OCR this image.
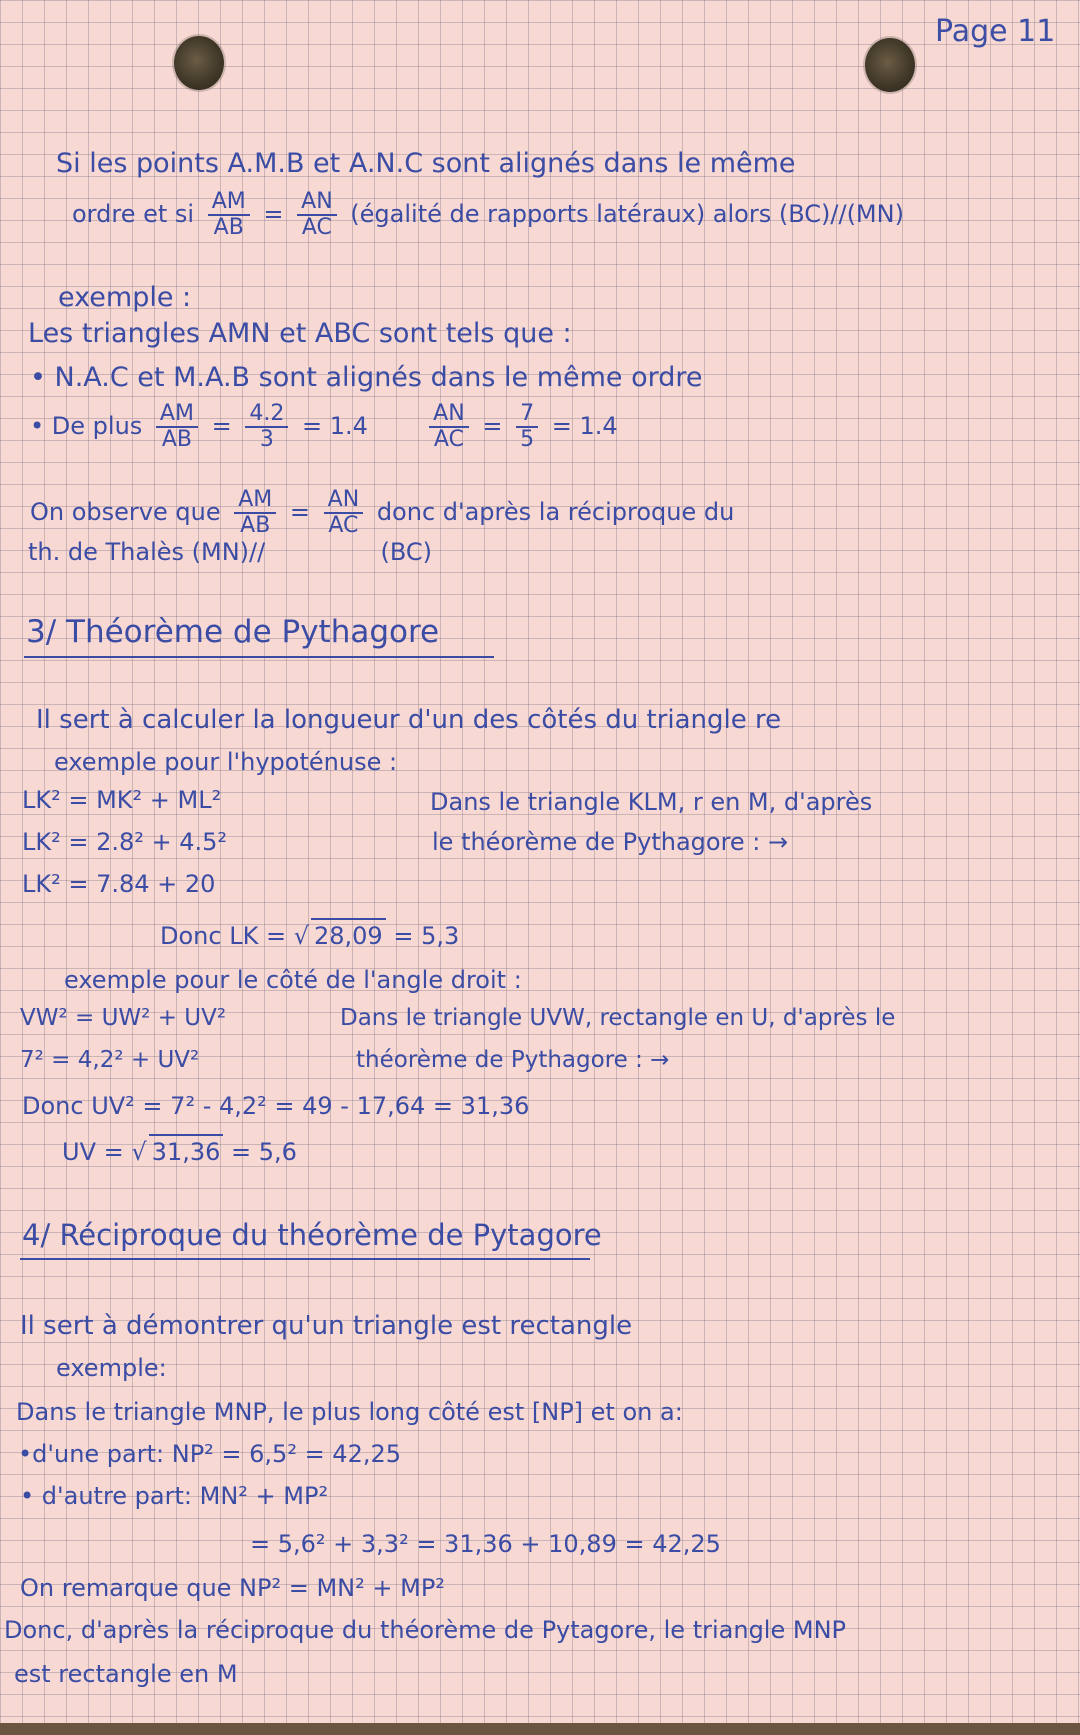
Page 11
Si les points A.M.B et A.N.C sont alignés dans le même
ordre et si $\frac{AM}{AB} = \frac{AN}{AC}$ (égalité de rapports latéraux) alors (BC)//(MN)
exemple :
Les triangles AMN et ABC sont tels que :
• N.A.C et M.A.B sont alignés dans le même ordre
• De plus $\frac{AM}{AB} = \frac{4.2}{3} = 1.4$	$\frac{AN}{AC} = \frac{7}{5} = 1.4$
On observe que $\frac{AM}{AB} = \frac{AN}{AC}$ donc d'après la réciproque du
th. de Thalès (MN)//	(BC)
3/ Théorème de Pythagore
Il sert à calculer la longueur d'un des côtés du triangle re
exemple pour l'hypoténuse :
LK² = MK² + ML²
LK² = 2.8² + 4.5²
LK² = 7.84 + 20
Donc LK = √ 28,09 = 5,3
Dans le triangle KLM, r en M, d'après
le théorème de Pythagore : →
exemple pour le côté de l'angle droit :
VW² = UW² + UV²
7² = 4,2² + UV²
Dans le triangle UVW, rectangle en U, d'après le
théorème de Pythagore : →
Donc UV² = 7² - 4,2² = 49 - 17,64 = 31,36
UV = √ 31,36 = 5,6
4/ Réciproque du théorème de Pytagore
Il sert à démontrer qu'un triangle est rectangle
exemple:
Dans le triangle MNP, le plus long côté est [NP] et on a:
•d'une part: NP² = 6,5² = 42,25
• d'autre part: MN² + MP²
= 5,6² + 3,3² = 31,36 + 10,89 = 42,25
On remarque que NP² = MN² + MP²
Donc, d'après la réciproque du théorème de Pytagore, le triangle MNP
est rectangle en M
